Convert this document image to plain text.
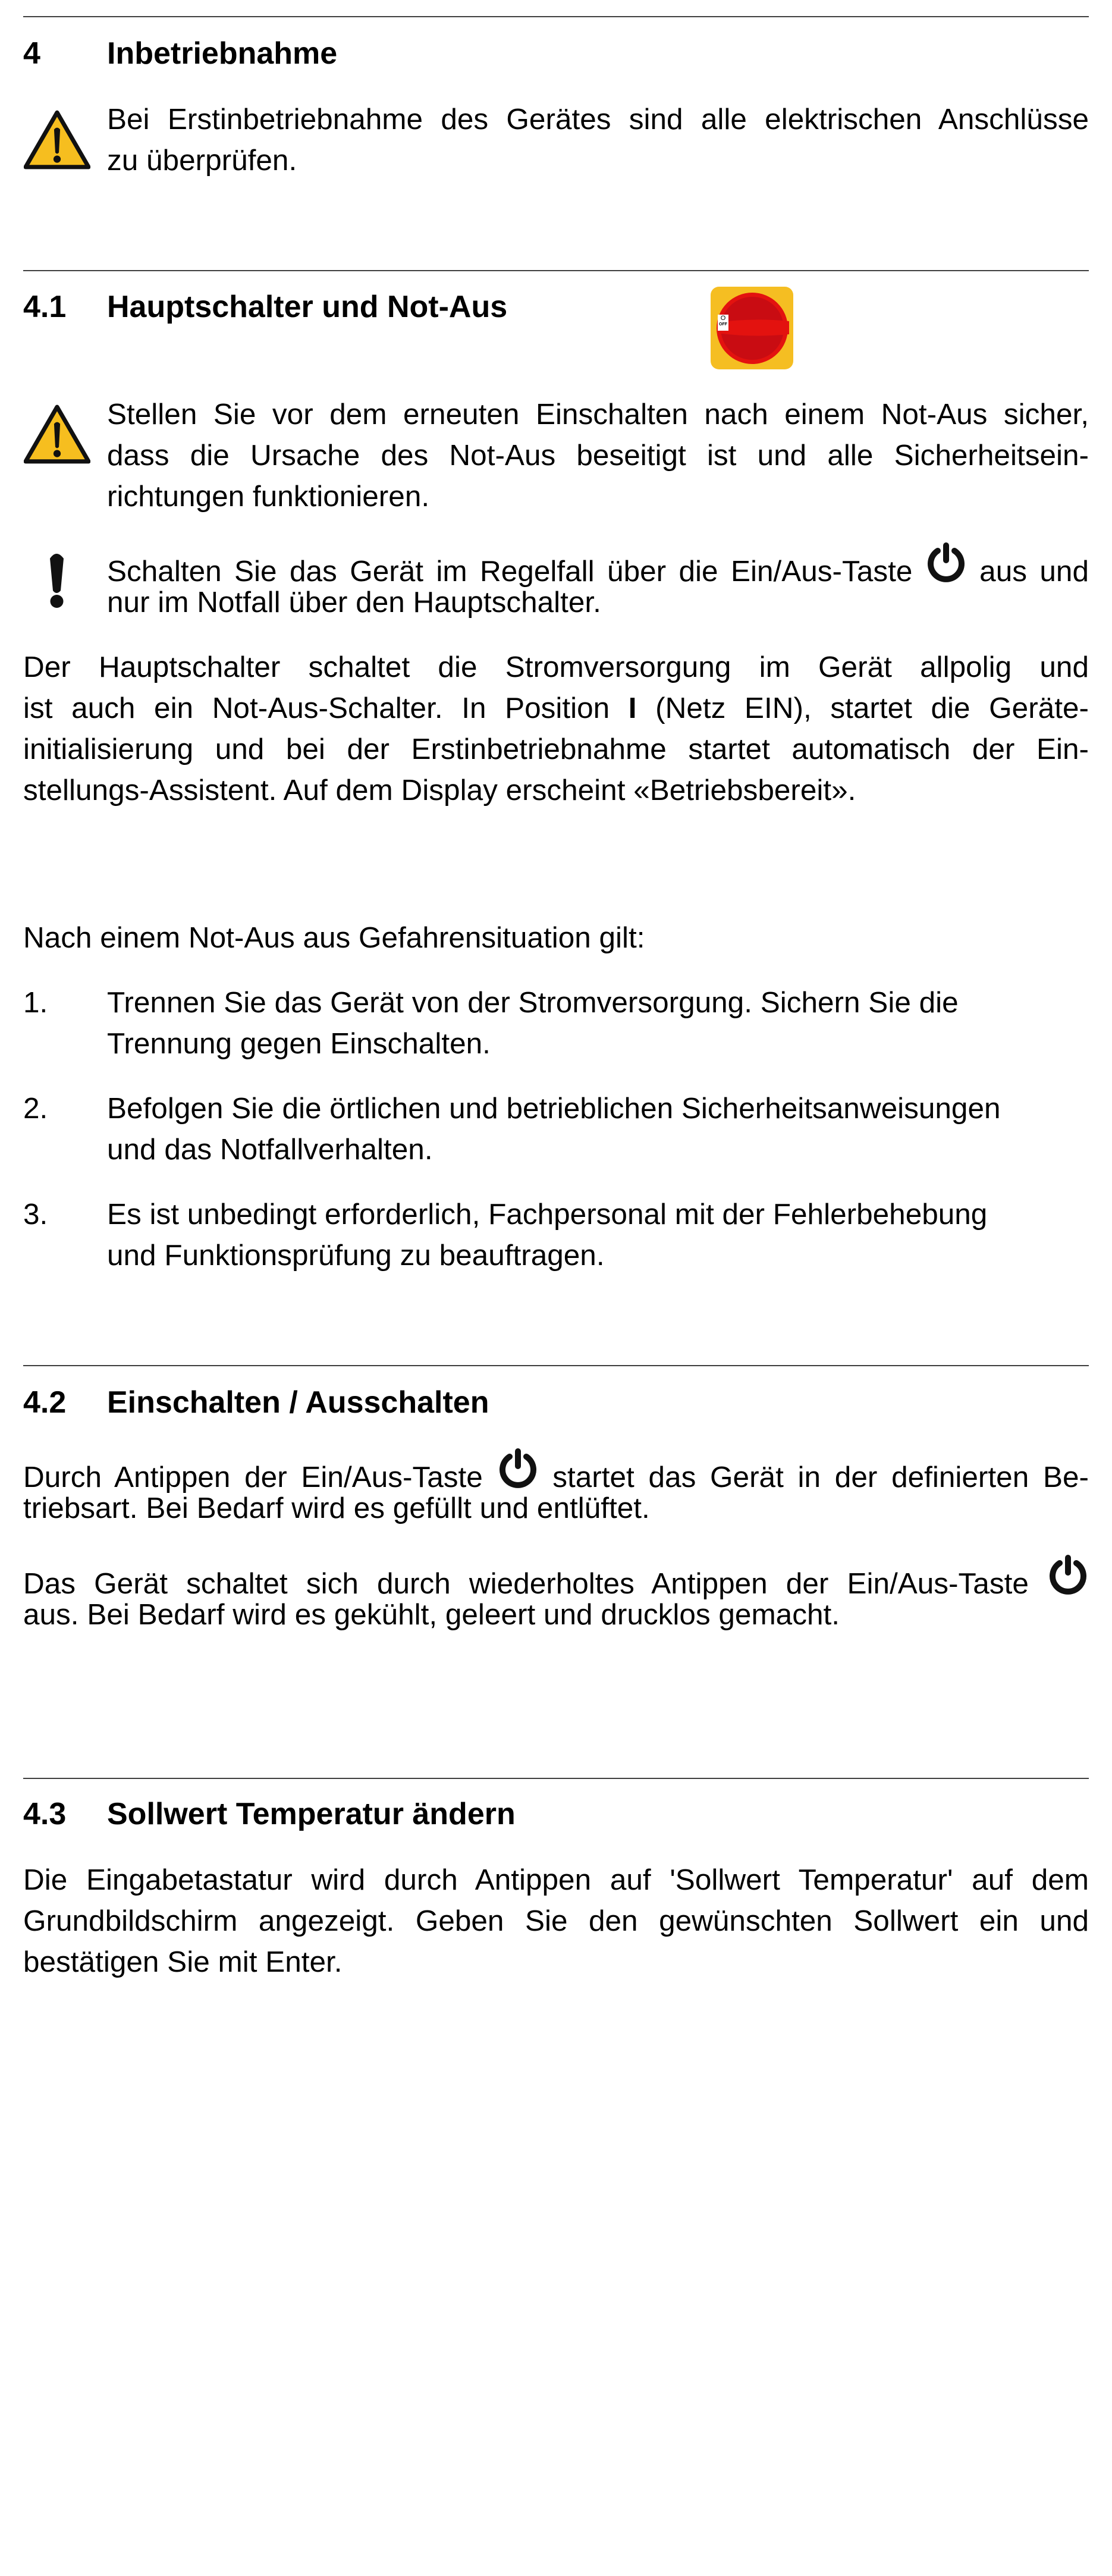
4 Inbetriebnahme
Bei Erstinbetriebnahme des Gerätes sind alle elektrischen Anschlüsse
zu überprüfen.
4.1 Hauptschalter und Not-Aus	O
OFF
Stellen Sie vor dem erneuten Einschalten nach einem Not-Aus sicher,
dass die Ursache des Not-Aus beseitigt ist und alle Sicherheitsein-
richtungen funktionieren.
Schalten Sie das Gerät im Regelfall über die Ein/Aus-Taste aus und
nur im Notfall über den Hauptschalter.
Der Hauptschalter schaltet die Stromversorgung im Gerät allpolig und
ist auch ein Not-Aus-Schalter. In Position I (Netz EIN), startet die Geräte-
initialisierung und bei der Erstinbetriebnahme startet automatisch der Ein-
stellungs-Assistent. Auf dem Display erscheint «Betriebsbereit».
Nach einem Not-Aus aus Gefahrensituation gilt:
1. Trennen Sie das Gerät von der Stromversorgung. Sichern Sie die
Trennung gegen Einschalten.
2. Befolgen Sie die örtlichen und betrieblichen Sicherheitsanweisungen
und das Notfallverhalten.
3. Es ist unbedingt erforderlich, Fachpersonal mit der Fehlerbehebung
und Funktionsprüfung zu beauftragen.
4.2 Einschalten / Ausschalten
Durch Antippen der Ein/Aus-Taste startet das Gerät in der definierten Be-
triebsart. Bei Bedarf wird es gefüllt und entlüftet.
Das Gerät schaltet sich durch wiederholtes Antippen der Ein/Aus-Taste
aus. Bei Bedarf wird es gekühlt, geleert und drucklos gemacht.
4.3 Sollwert Temperatur ändern
Die Eingabetastatur wird durch Antippen auf 'Sollwert Temperatur' auf dem
Grundbildschirm angezeigt. Geben Sie den gewünschten Sollwert ein und
bestätigen Sie mit Enter.
